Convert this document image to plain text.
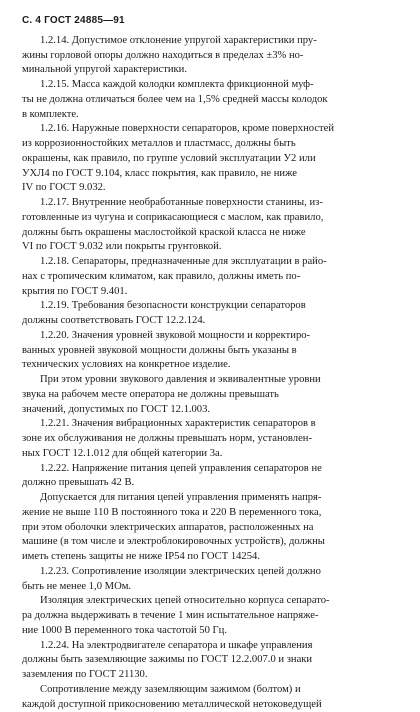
С. 4 ГОСТ 24885—91
1.2.14. Допустимое отклонение упругой характеристики пру-
жины горловой опоры должно находиться в пределах ±3% но-
минальной упругой характеристики.
1.2.15. Масса каждой колодки комплекта фрикционной муф-
ты не должна отличаться более чем на 1,5% средней массы колодок
в комплекте.
1.2.16. Наружные поверхности сепараторов, кроме поверхностей
из коррозионностойких металлов и пластмасс, должны быть
окрашены, как правило, по группе условий эксплуатации У2 или
УХЛ4 по ГОСТ 9.104, класс покрытия, как правило, не ниже
IV по ГОСТ 9.032.
1.2.17. Внутренние необработанные поверхности станины, из-
готовленные из чугуна и соприкасающиеся с маслом, как правило,
должны быть окрашены маслостойкой краской класса не ниже
VI по ГОСТ 9.032 или покрыты грунтовкой.
1.2.18. Сепараторы, предназначенные для эксплуатации в райо-
нах с тропическим климатом, как правило, должны иметь по-
крытия по ГОСТ 9.401.
1.2.19. Требования безопасности конструкции сепараторов
должны соответствовать ГОСТ 12.2.124.
1.2.20. Значения уровней звуковой мощности и корректиро-
ванных уровней звуковой мощности должны быть указаны в
технических условиях на конкретное изделие.
При этом уровни звукового давления и эквивалентные уровни
звука на рабочем месте оператора не должны превышать
значений, допустимых по ГОСТ 12.1.003.
1.2.21. Значения вибрационных характеристик сепараторов в
зоне их обслуживания не должны превышать норм, установлен-
ных ГОСТ 12.1.012 для общей категории 3а.
1.2.22. Напряжение питания цепей управления сепараторов не
должно превышать 42 В.
Допускается для питания цепей управления применять напря-
жение не выше 110 В постоянного тока и 220 В переменного тока,
при этом оболочки электрических аппаратов, расположенных на
машине (в том числе и электроблокировочных устройств), должны
иметь степень защиты не ниже IP54 по ГОСТ 14254.
1.2.23. Сопротивление изоляции электрических цепей должно
быть не менее 1,0 МОм.
Изоляция электрических цепей относительно корпуса сепарато-
ра должна выдерживать в течение 1 мин испытательное напряже-
ние 1000 В переменного тока частотой 50 Гц.
1.2.24. На электродвигателе сепаратора и шкафе управления
должны быть заземляющие зажимы по ГОСТ 12.2.007.0 и знаки
заземления по ГОСТ 21130.
Сопротивление между заземляющим зажимом (болтом) и
каждой доступной прикосновению металлической нетоковедущей
